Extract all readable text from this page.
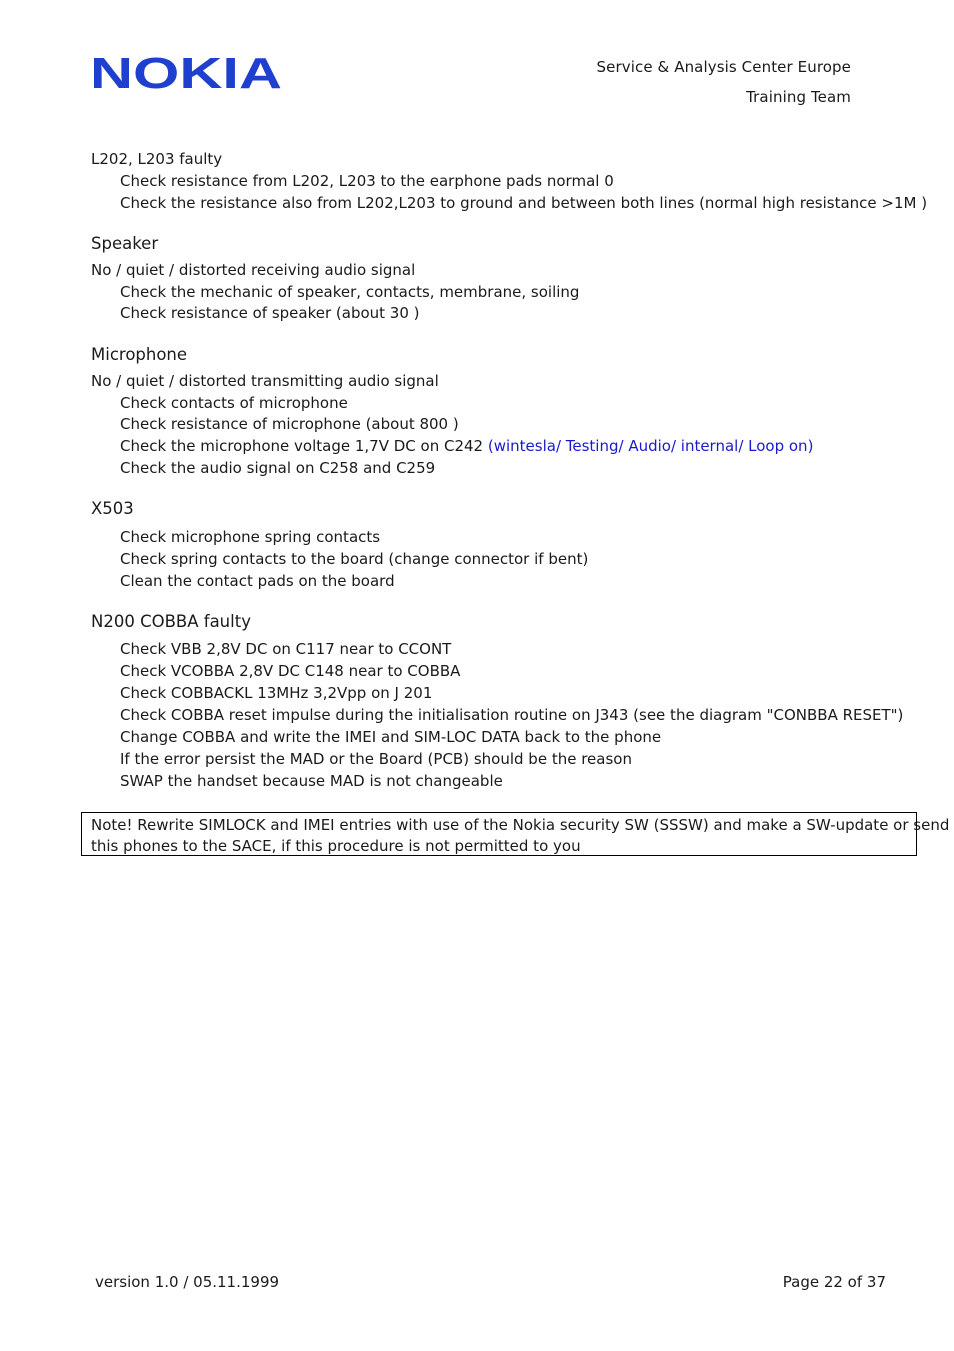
NOKIA	Service & Analysis Center Europe
Training Team
L202, L203 faulty
Check resistance from L202, L203 to the earphone pads normal 0
Check the resistance also from L202,L203 to ground and between both lines (normal high resistance >1M )
Speaker
No / quiet / distorted receiving audio signal
Check the mechanic of speaker, contacts, membrane, soiling
Check resistance of speaker (about 30 )
Microphone
No / quiet / distorted transmitting audio signal
Check contacts of microphone
Check resistance of microphone (about 800 )
Check the microphone voltage 1,7V DC on C242 (wintesla/ Testing/ Audio/ internal/ Loop on)
Check the audio signal on C258 and C259
X503
Check microphone spring contacts
Check spring contacts to the board (change connector if bent)
Clean the contact pads on the board
N200 COBBA faulty
Check VBB 2,8V DC on C117 near to CCONT
Check VCOBBA 2,8V DC C148 near to COBBA
Check COBBACKL 13MHz 3,2Vpp on J 201
Check COBBA reset impulse during the initialisation routine on J343 (see the diagram "CONBBA RESET")
Change COBBA and write the IMEI and SIM-LOC DATA back to the phone
If the error persist the MAD or the Board (PCB) should be the reason
SWAP the handset because MAD is not changeable
Note! Rewrite SIMLOCK and IMEI entries with use of the Nokia security SW (SSSW) and make a SW-update or send
this phones to the SACE, if this procedure is not permitted to you
version 1.0 / 05.11.1999	Page 22 of 37
